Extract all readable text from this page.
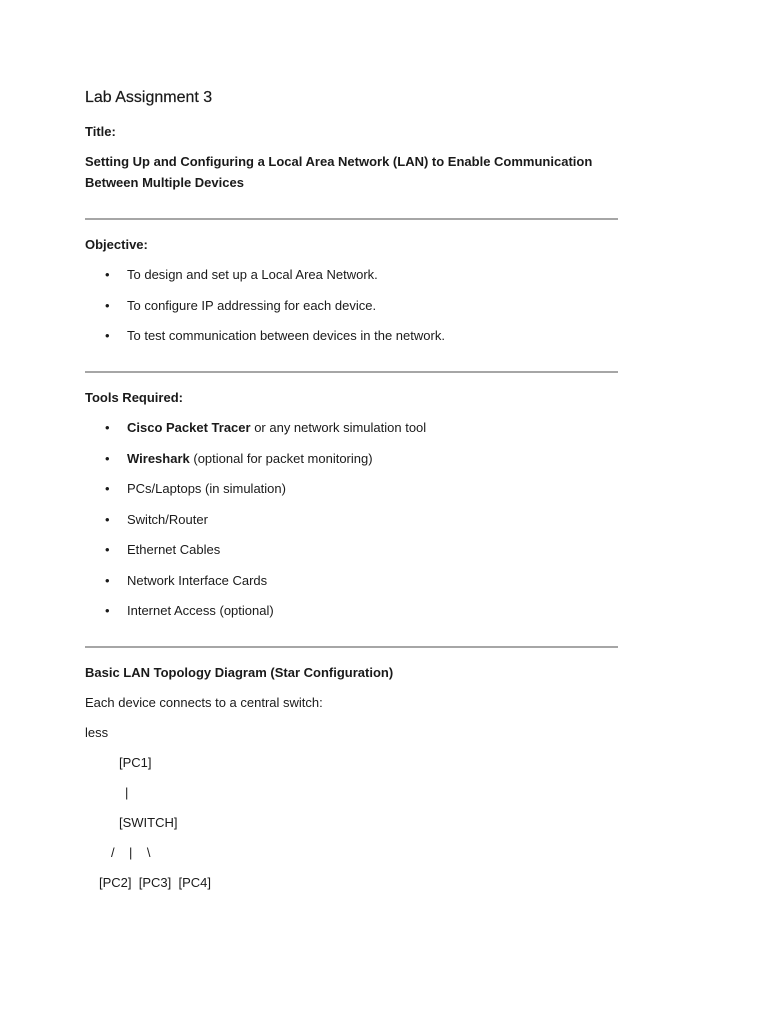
Lab Assignment 3

Title:

Setting Up and Configuring a Local Area Network (LAN) to Enable Communication

Between Multiple Devices

Objective:

• To design and set up a Local Area Network.
• To configure IP addressing for each device.
• To test communication between devices in the network.

Tools Required:

• Cisco Packet Tracer or any network simulation tool
• Wireshark (optional for packet monitoring)
• PCs/Laptops (in simulation)
• Switch/Router
• Ethernet Cables
• Network Interface Cards
• Internet Access (optional)

Basic LAN Topology Diagram (Star Configuration)

Each device connects to a central switch:

less

[PC1]

|

[SWITCH]

/    |    \

[PC2]  [PC3]  [PC4]
